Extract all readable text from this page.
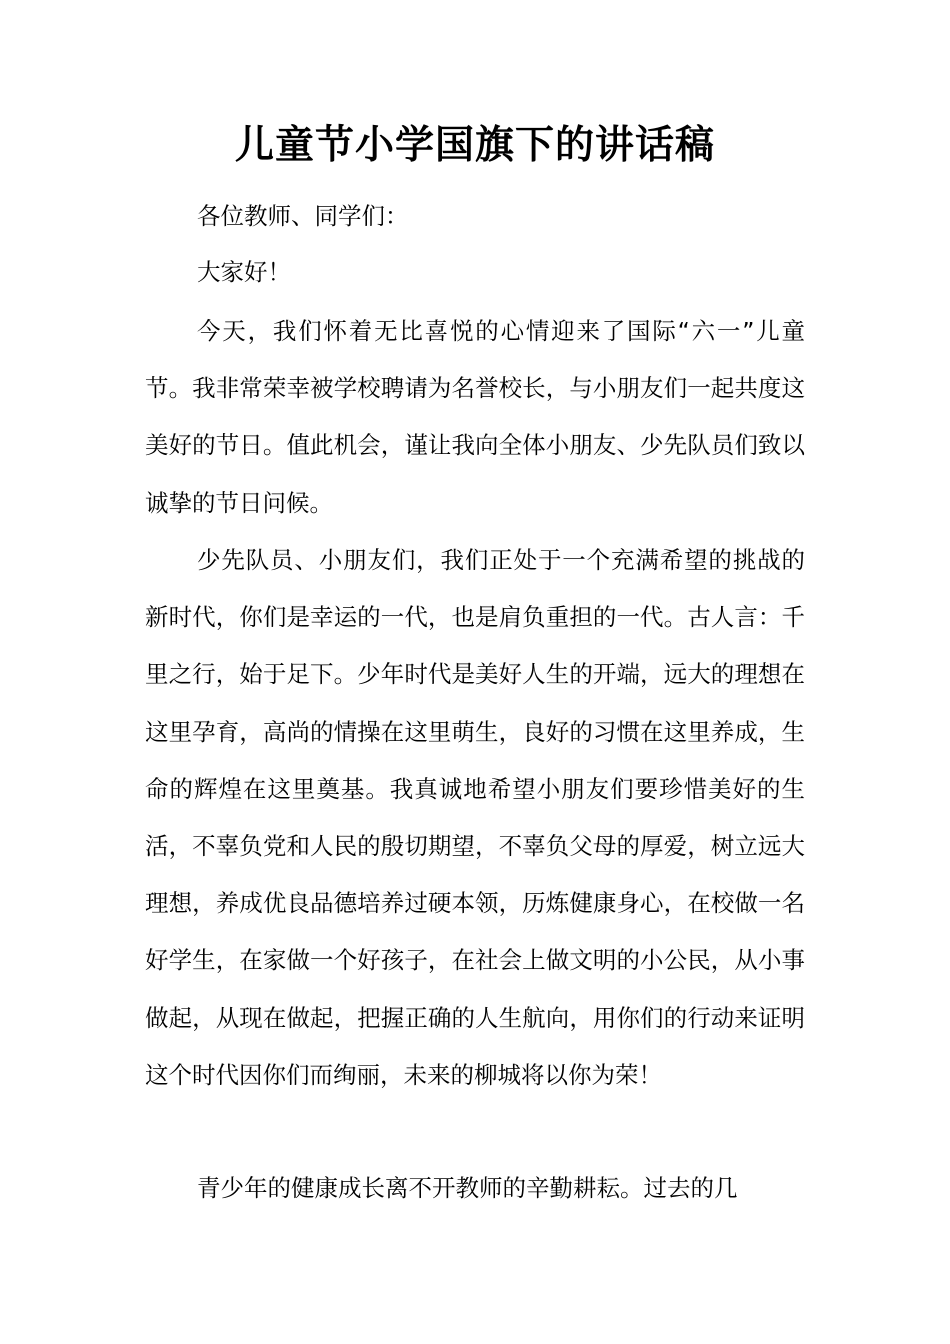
儿童节小学国旗下的讲话稿

各位教师、同学们：

大家好！

今天，我们怀着无比喜悦的心情迎来了国际“六一”儿童节。我非常荣幸被学校聘请为名誉校长，与小朋友们一起共度这美好的节日。值此机会，谨让我向全体小朋友、少先队员们致以诚挚的节日问候。

少先队员、小朋友们，我们正处于一个充满希望的挑战的新时代，你们是幸运的一代，也是肩负重担的一代。古人言：千里之行，始于足下。少年时代是美好人生的开端，远大的理想在这里孕育，高尚的情操在这里萌生，良好的习惯在这里养成，生命的辉煌在这里奠基。我真诚地希望小朋友们要珍惜美好的生活，不辜负党和人民的殷切期望，不辜负父母的厚爱，树立远大理想，养成优良品德培养过硬本领，历炼健康身心，在校做一名好学生，在家做一个好孩子，在社会上做文明的小公民，从小事做起，从现在做起，把握正确的人生航向，用你们的行动来证明这个时代因你们而绚丽，未来的柳城将以你为荣！

青少年的健康成长离不开教师的辛勤耕耘。过去的几
